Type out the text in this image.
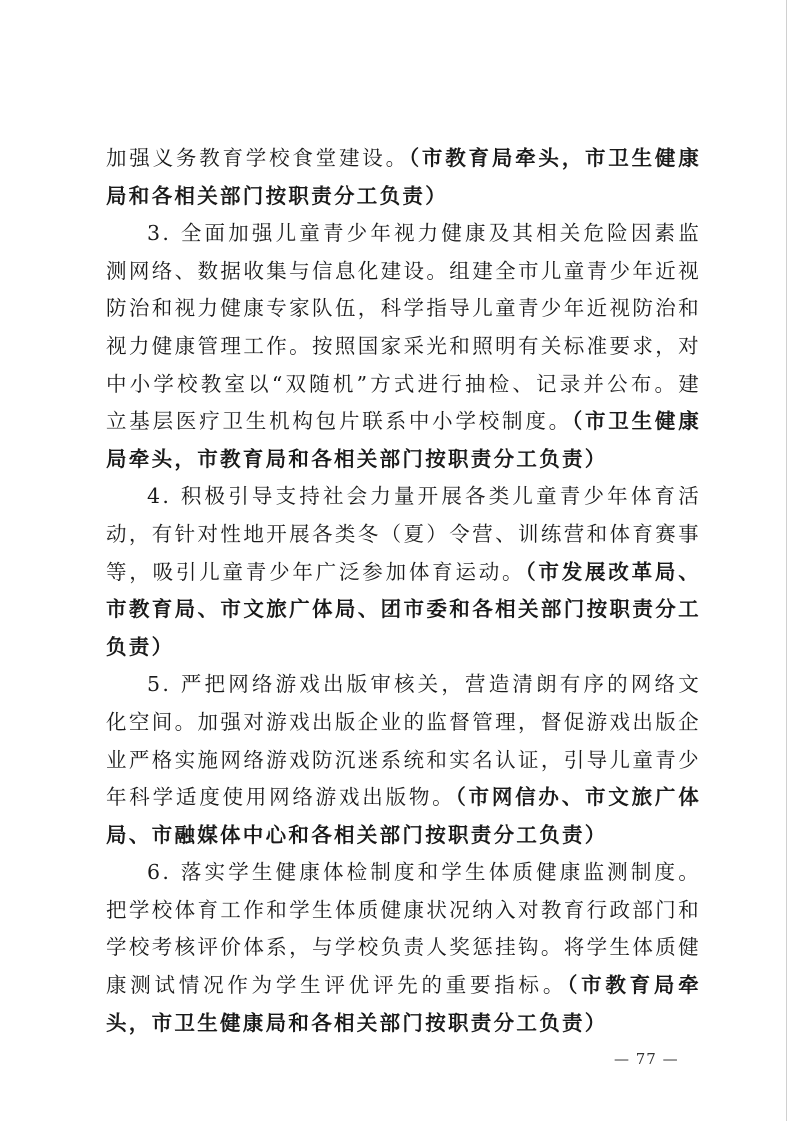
加强义务教育学校食堂建设。（市教育局牵头，市卫生健康局和各相关部门按职责分工负责）

3. 全面加强儿童青少年视力健康及其相关危险因素监测网络、数据收集与信息化建设。组建全市儿童青少年近视防治和视力健康专家队伍，科学指导儿童青少年近视防治和视力健康管理工作。按照国家采光和照明有关标准要求，对中小学校教室以“双随机”方式进行抽检、记录并公布。建立基层医疗卫生机构包片联系中小学校制度。（市卫生健康局牵头，市教育局和各相关部门按职责分工负责）

4. 积极引导支持社会力量开展各类儿童青少年体育活动，有针对性地开展各类冬（夏）令营、训练营和体育赛事等，吸引儿童青少年广泛参加体育运动。（市发展改革局、市教育局、市文旅广体局、团市委和各相关部门按职责分工负责）

5. 严把网络游戏出版审核关，营造清朗有序的网络文化空间。加强对游戏出版企业的监督管理，督促游戏出版企业严格实施网络游戏防沉迷系统和实名认证，引导儿童青少年科学适度使用网络游戏出版物。（市网信办、市文旅广体局、市融媒体中心和各相关部门按职责分工负责）

6. 落实学生健康体检制度和学生体质健康监测制度。把学校体育工作和学生体质健康状况纳入对教育行政部门和学校考核评价体系，与学校负责人奖惩挂钩。将学生体质健康测试情况作为学生评优评先的重要指标。（市教育局牵头，市卫生健康局和各相关部门按职责分工负责）

— 77 —
